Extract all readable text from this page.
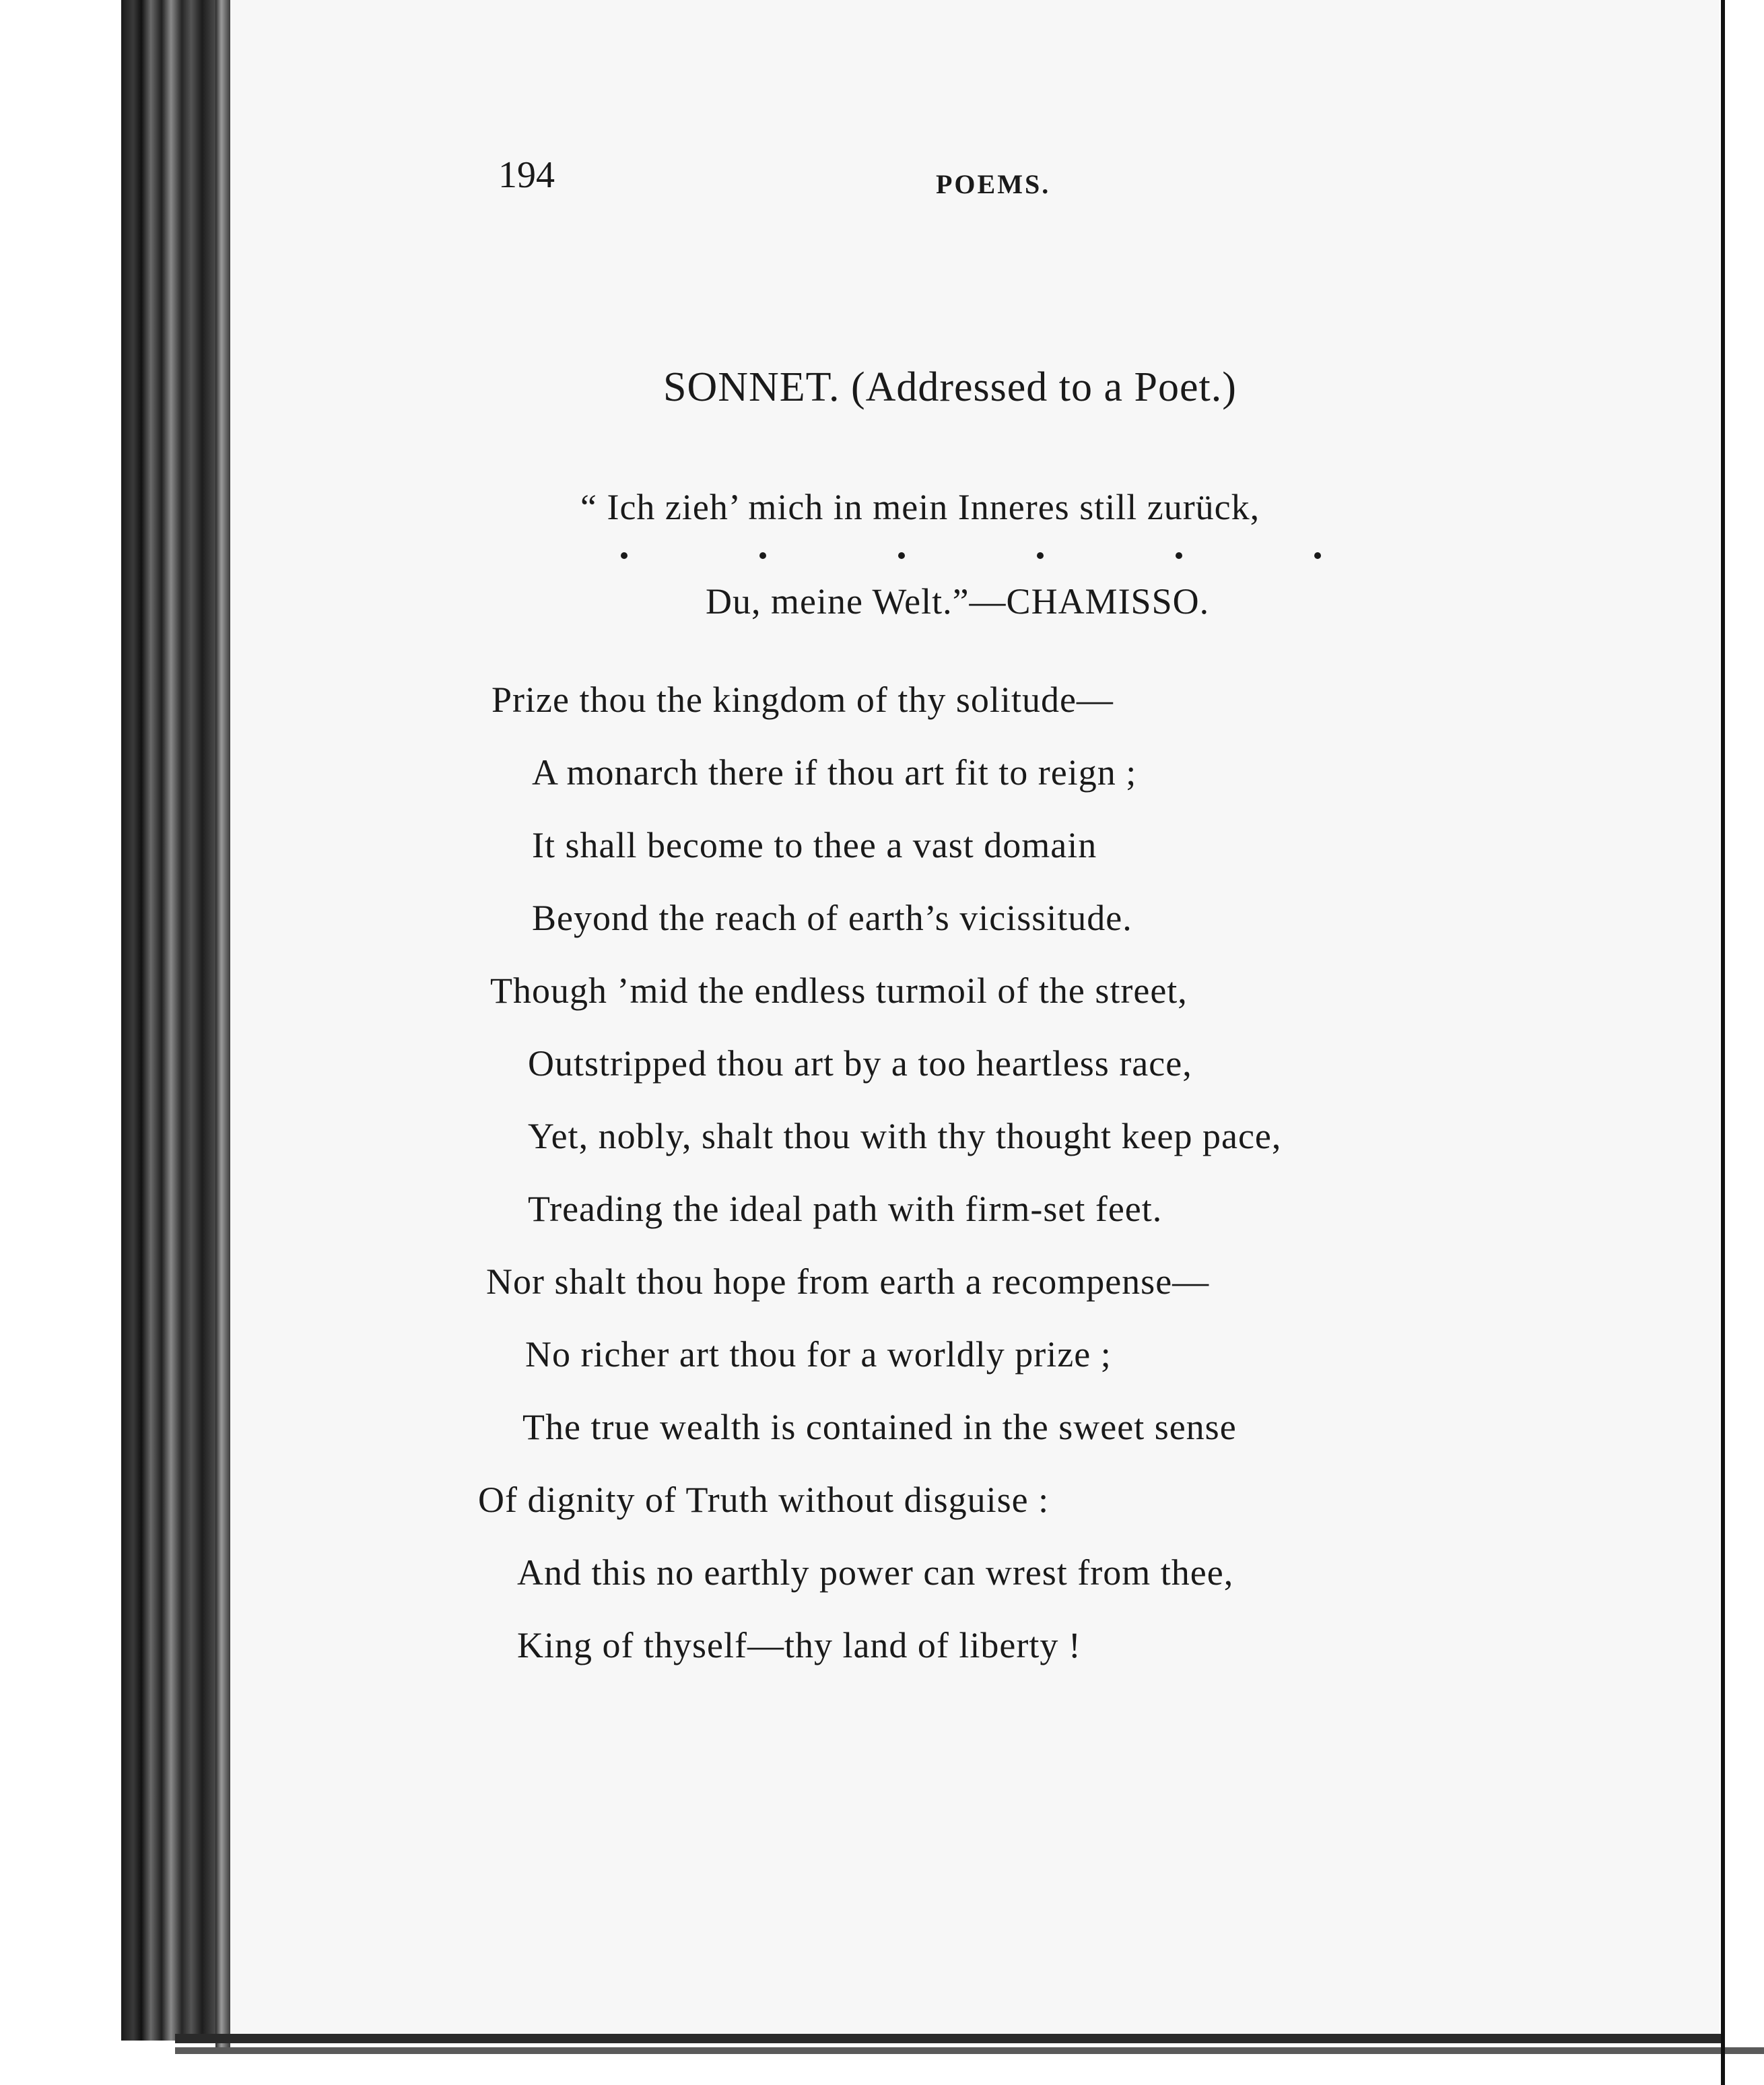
194	POEMS.

SONNET. (Addressed to a Poet.)

“ Ich zieh’ mich in mein Inneres still zurück,

Du, meine Welt.”—CHAMISSO.

Prize thou the kingdom of thy solitude—

A monarch there if thou art fit to reign ;

It shall become to thee a vast domain

Beyond the reach of earth’s vicissitude.

Though ’mid the endless turmoil of the street,

Outstripped thou art by a too heartless race,

Yet, nobly, shalt thou with thy thought keep pace,

Treading the ideal path with firm-set feet.

Nor shalt thou hope from earth a recompense—

No richer art thou for a worldly prize ;

The true wealth is contained in the sweet sense

Of dignity of Truth without disguise :

And this no earthly power can wrest from thee,

King of thyself—thy land of liberty !
